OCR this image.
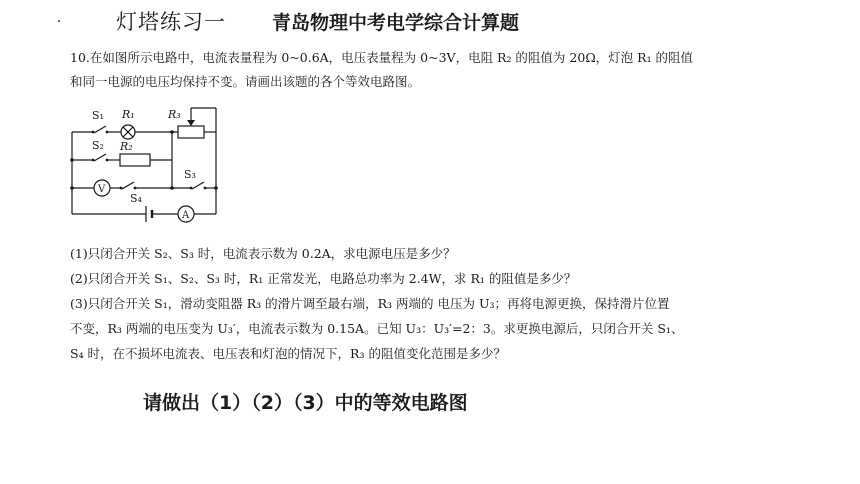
灯塔练习一 青岛物理中考电学综合计算题
10.在如图所示电路中，电流表量程为 0~0.6A，电压表量程为 0~3V，电阻 R₂ 的阻值为 20Ω，灯泡 R₁ 的阻值
和同一电源的电压均保持不变。请画出该题的各个等效电路图。
S₁ R₁	R₃
S₂ R₂
S₃
S₄
V
A
(1)只闭合开关 S₂、S₃ 时，电流表示数为 0.2A，求电源电压是多少？
(2)只闭合开关 S₁、S₂、S₃ 时，R₁ 正常发光，电路总功率为 2.4W，求 R₁ 的阻值是多少？
(3)只闭合开关 S₁，滑动变阻器 R₃ 的滑片调至最右端，R₃ 两端的 电压为 U₃；再将电源更换，保持滑片位置
不变，R₃ 两端的电压变为 U₃′，电流表示数为 0.15A。已知 U₃：U₃′=2：3。求更换电源后，只闭合开关 S₁、
S₄ 时，在不损坏电流表、电压表和灯泡的情况下，R₃ 的阻值变化范围是多少？
请做出（1）（2）（3）中的等效电路图
